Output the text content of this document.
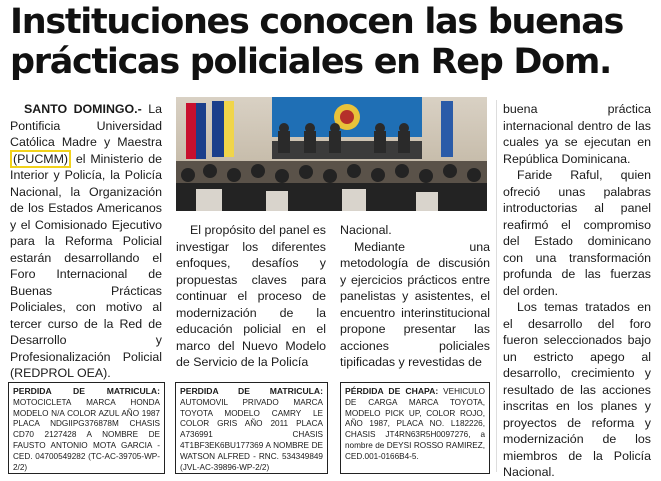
Instituciones conocen las buenas
prácticas policiales en Rep Dom.

SANTO DOMINGO.- La Pontificia Universidad Católica Madre y Maestra (PUCMM) el Ministerio de Interior y Policía, la Policía Nacional, la Organización de los Estados Americanos y el Comisionado Ejecutivo para la Reforma Policial estarán desarrollando el Foro Internacional de Buenas Prácticas Policiales, con motivo al tercer curso de la Red de Desarrollo y Profesionalización Policial (REDPROL OEA).

El propósito del panel es investigar los diferentes enfoques, desafíos y propuestas claves para continuar el proceso de modernización de la educación policial en el marco del Nuevo Modelo de Servicio de la Policía

Nacional.

Mediante una metodología de discusión y ejercicios prácticos entre panelistas y asistentes, el encuentro interinstitucional propone presentar las acciones policiales tipificadas y revestidas de

buena práctica internacional dentro de las cuales ya se ejecutan en República Dominicana.

Faride Raful, quien ofreció unas palabras introductorias al panel reafirmó el compromiso del Estado dominicano con una transformación profunda de las fuerzas del orden.

Los temas tratados en el desarrollo del foro fueron seleccionados bajo un estricto apego al desarrollo, crecimiento y resultado de las acciones inscritas en los planes y proyectos de reforma y modernización de los miembros de la Policía Nacional.

PERDIDA DE MATRICULA: MOTOCICLETA MARCA HONDA MODELO N/A COLOR AZUL AÑO 1987 PLACA NDGIIPG376878M CHASIS CD70 2127428 A NOMBRE DE FAUSTO ANTONIO MOTA GARCIA - CED. 04700549282 (TC-AC-39705-WP-2/2)
PERDIDA DE MATRICULA: AUTOMOVIL PRIVADO MARCA TOYOTA MODELO CAMRY LE COLOR GRIS AÑO 2011 PLACA A736991 CHASIS 4T1BF3EK6BU177369 A NOMBRE DE WATSON ALFRED - RNC. 534349849 (JVL-AC-39896-WP-2/2)
PÉRDIDA DE CHAPA: VEHICULO DE CARGA MARCA TOYOTA, MODELO PICK UP, COLOR ROJO, AÑO 1987, PLACA NO. L182226, CHASIS JT4RN63R5H0097276, a nombre de DEYSI ROSSO RAMIREZ, CED.001-0166B4-5.
